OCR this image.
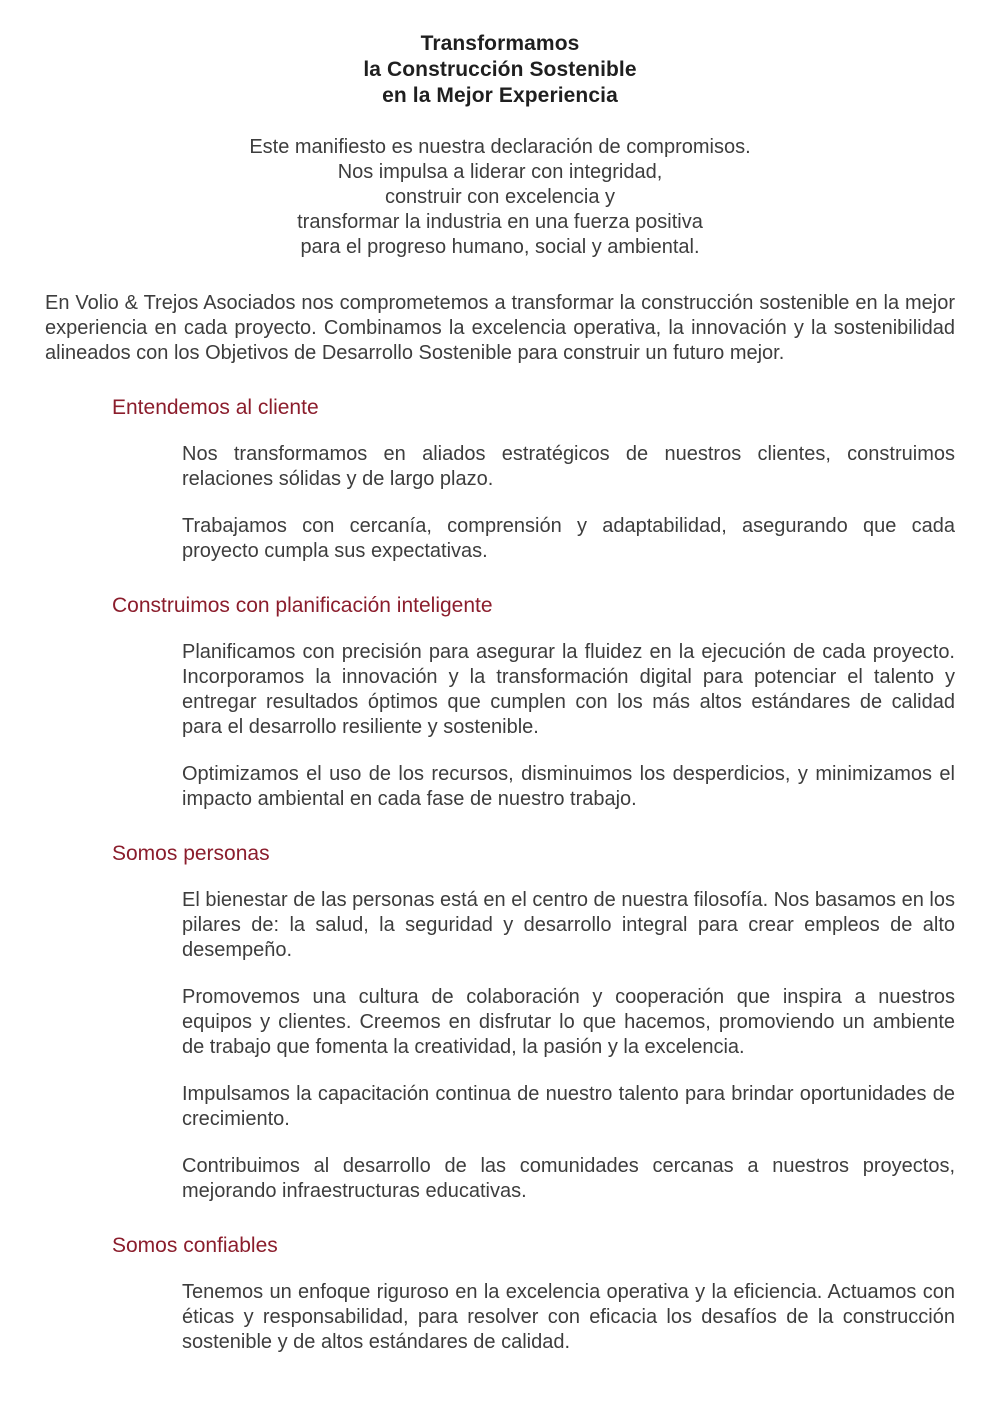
Transformamos
la Construcción Sostenible
en la Mejor Experiencia
Este manifiesto es nuestra declaración de compromisos.
Nos impulsa a liderar con integridad,
construir con excelencia y
transformar la industria en una fuerza positiva
para el progreso humano, social y ambiental.

En Volio & Trejos Asociados nos comprometemos a transformar la construcción sostenible en la mejor experiencia en cada proyecto. Combinamos la excelencia operativa, la innovación y la sostenibilidad alineados con los Objetivos de Desarrollo Sostenible para construir un futuro mejor.

Entendemos al cliente

Nos transformamos en aliados estratégicos de nuestros clientes, construimos relaciones sólidas y de largo plazo.

Trabajamos con cercanía, comprensión y adaptabilidad, asegurando que cada proyecto cumpla sus expectativas.

Construimos con planificación inteligente

Planificamos con precisión para asegurar la fluidez en la ejecución de cada proyecto. Incorporamos la innovación y la transformación digital para potenciar el talento y entregar resultados óptimos que cumplen con los más altos estándares de calidad para el desarrollo resiliente y sostenible.

Optimizamos el uso de los recursos, disminuimos los desperdicios, y minimizamos el impacto ambiental en cada fase de nuestro trabajo.

Somos personas

El bienestar de las personas está en el centro de nuestra filosofía. Nos basamos en los pilares de: la salud, la seguridad y desarrollo integral para crear empleos de alto desempeño.

Promovemos una cultura de colaboración y cooperación que inspira a nuestros equipos y clientes. Creemos en disfrutar lo que hacemos, promoviendo un ambiente de trabajo que fomenta la creatividad, la pasión y la excelencia.

Impulsamos la capacitación continua de nuestro talento para brindar oportunidades de crecimiento.

Contribuimos al desarrollo de las comunidades cercanas a nuestros proyectos, mejorando infraestructuras educativas.

Somos confiables

Tenemos un enfoque riguroso en la excelencia operativa y la eficiencia. Actuamos con éticas y responsabilidad, para resolver con eficacia los desafíos de la construcción sostenible y de altos estándares de calidad.
